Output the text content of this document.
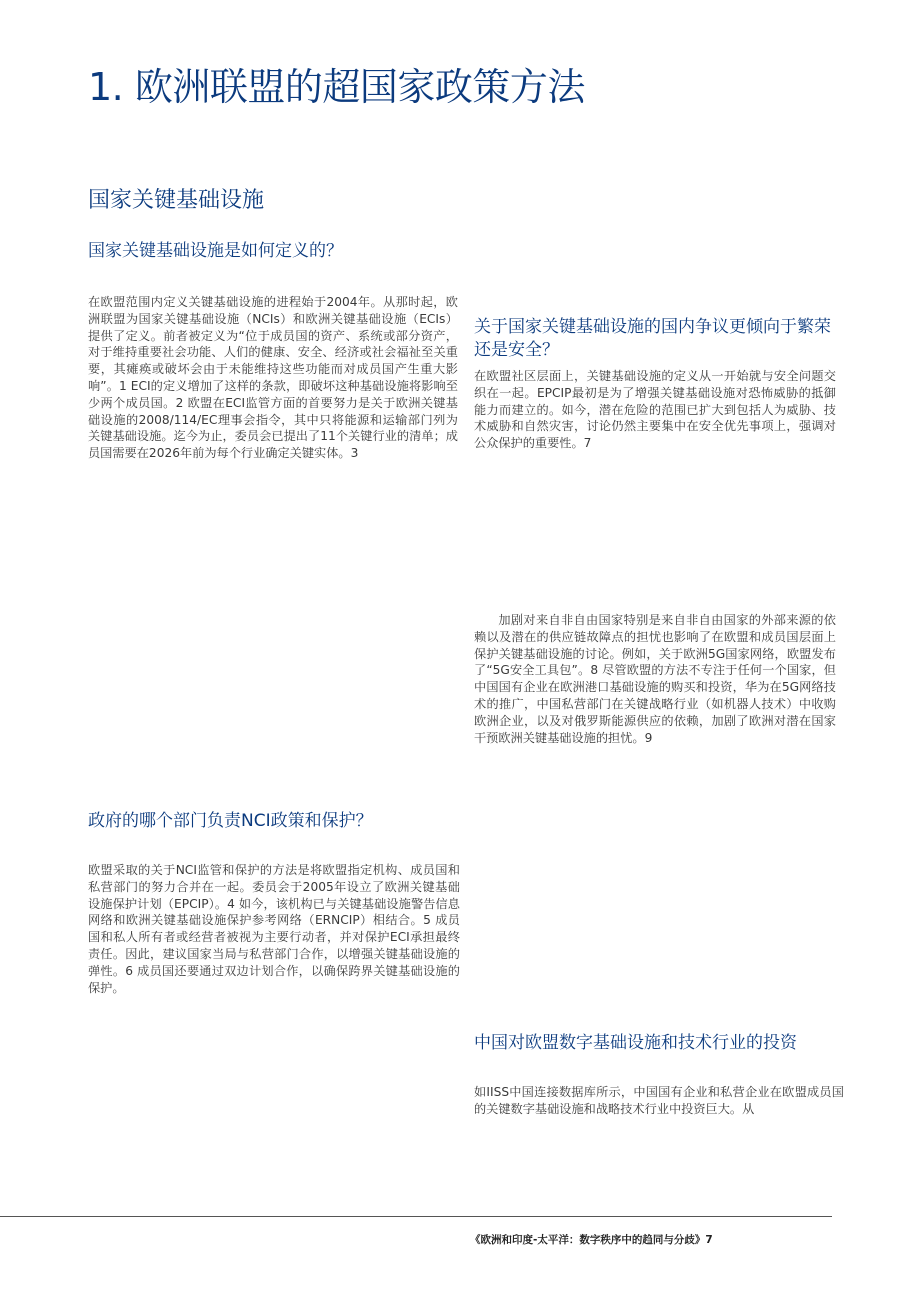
1. 欧洲联盟的超国家政策方法
国家关键基础设施
国家关键基础设施是如何定义的？

在欧盟范围内定义关键基础设施的进程始于2004年。从那时起，欧洲联盟为国家关键基础设施（NCIs）和欧洲关键基础设施（ECIs）提供了定义。前者被定义为“位于成员国的资产、系统或部分资产，对于维持重要社会功能、人们的健康、安全、经济或社会福祉至关重要，其瘫痪或破坏会由于未能维持这些功能而对成员国产生重大影响”。1 ECI的定义增加了这样的条款，即破坏这种基础设施将影响至少两个成员国。2 欧盟在ECI监管方面的首要努力是关于欧洲关键基础设施的2008/114/EC理事会指令，其中只将能源和运输部门列为关键基础设施。迄今为止，委员会已提出了11个关键行业的清单；成员国需要在2026年前为每个行业确定关键实体。3

政府的哪个部门负责NCI政策和保护？

欧盟采取的关于NCI监管和保护的方法是将欧盟指定机构、成员国和私营部门的努力合并在一起。委员会于2005年设立了欧洲关键基础设施保护计划（EPCIP）。4 如今，该机构已与关键基础设施警告信息网络和欧洲关键基础设施保护参考网络（ERNCIP）相结合。5 成员国和私人所有者或经营者被视为主要行动者，并对保护ECI承担最终责任。因此，建议国家当局与私营部门合作，以增强关键基础设施的弹性。6 成员国还要通过双边计划合作，以确保跨界关键基础设施的保护。

关于国家关键基础设施的国内争议更倾向于繁荣还是安全？

在欧盟社区层面上，关键基础设施的定义从一开始就与安全问题交织在一起。EPCIP最初是为了增强关键基础设施对恐怖威胁的抵御能力而建立的。如今，潜在危险的范围已扩大到包括人为威胁、技术威胁和自然灾害，讨论仍然主要集中在安全优先事项上，强调对公众保护的重要性。7

加剧对来自非自由国家特别是来自非自由国家的外部来源的依赖以及潜在的供应链故障点的担忧也影响了在欧盟和成员国层面上保护关键基础设施的讨论。例如，关于欧洲5G国家网络，欧盟发布了“5G安全工具包”。8 尽管欧盟的方法不专注于任何一个国家，但中国国有企业在欧洲港口基础设施的购买和投资，华为在5G网络技术的推广，中国私营部门在关键战略行业（如机器人技术）中收购欧洲企业，以及对俄罗斯能源供应的依赖，加剧了欧洲对潜在国家干预欧洲关键基础设施的担忧。9

中国对欧盟数字基础设施和技术行业的投资

如IISS中国连接数据库所示，中国国有企业和私营企业在欧盟成员国的关键数字基础设施和战略技术行业中投资巨大。从

《欧洲和印度-太平洋：数字秩序中的趋同与分歧》7
